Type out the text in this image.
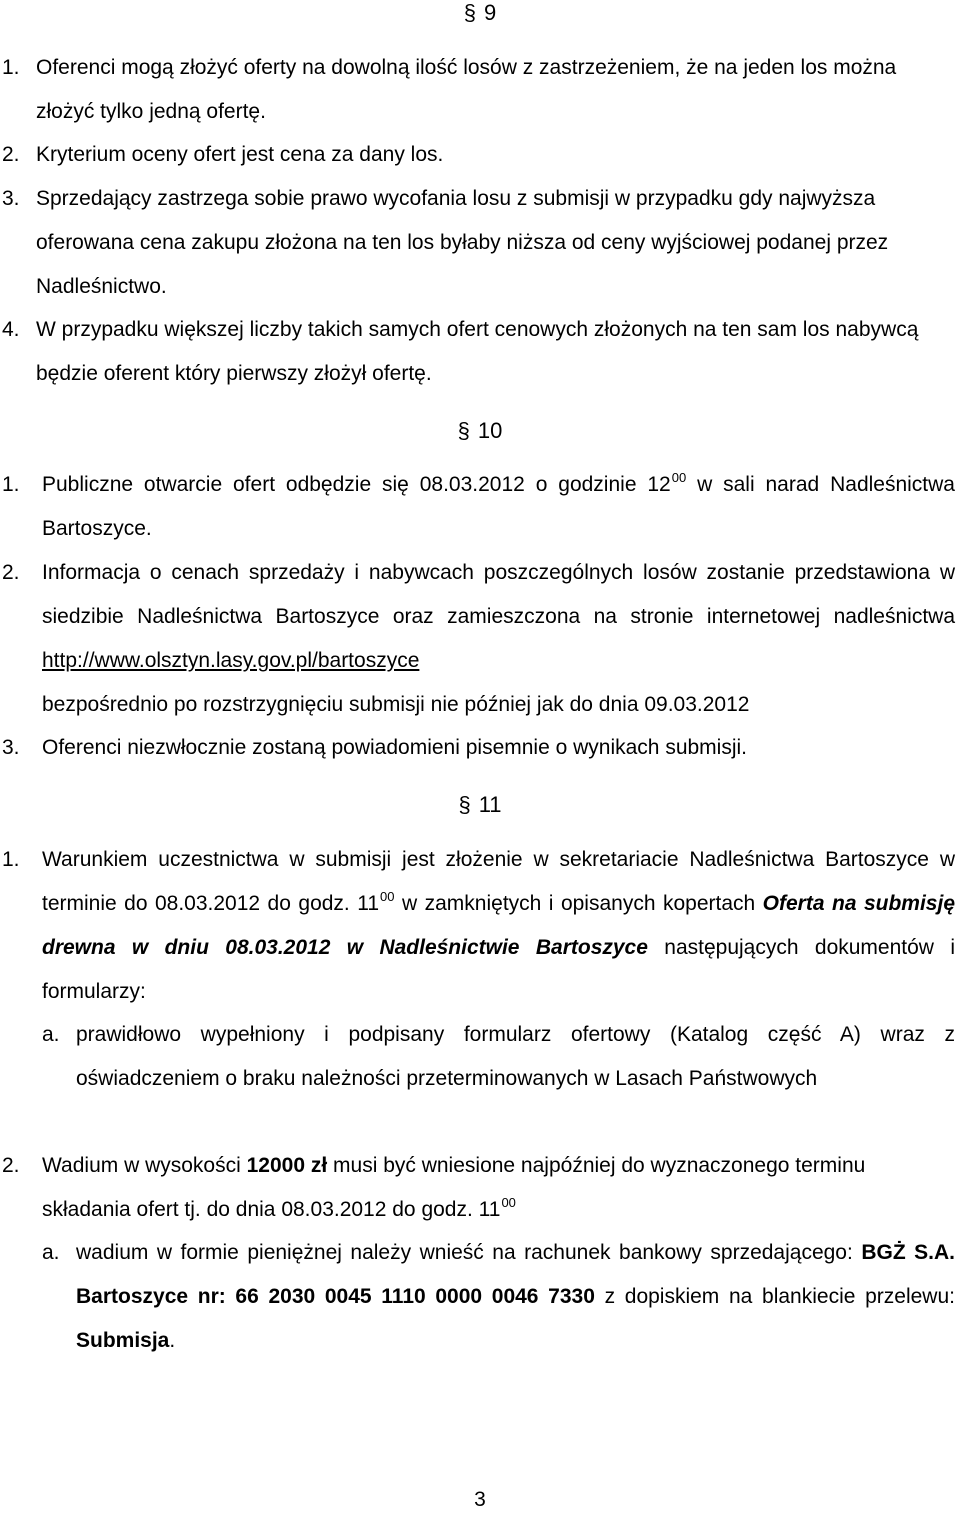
§ 9
1. Oferenci mogą złożyć oferty na dowolną ilość losów z zastrzeżeniem, że na jeden los można złożyć tylko jedną ofertę.
2. Kryterium oceny ofert jest cena za dany los.
3. Sprzedający zastrzega sobie prawo wycofania losu z submisji w przypadku gdy najwyższa oferowana cena zakupu złożona na ten los byłaby niższa od ceny wyjściowej podanej przez Nadleśnictwo.
4. W przypadku większej liczby takich samych ofert cenowych złożonych na ten sam los nabywcą będzie oferent który pierwszy złożył ofertę.
§ 10
1. Publiczne otwarcie ofert odbędzie się 08.03.2012 o godzinie $12^{00}$ w sali narad Nadleśnictwa Bartoszyce.
2. Informacja o cenach sprzedaży i nabywcach poszczególnych losów zostanie przedstawiona w siedzibie Nadleśnictwa Bartoszyce oraz zamieszczona na stronie internetowej nadleśnictwa http://www.olsztyn.lasy.gov.pl/bartoszyce
bezpośrednio po rozstrzygnięciu submisji nie później jak do dnia 09.03.2012
3. Oferenci niezwłocznie zostaną powiadomieni pisemnie o wynikach submisji.
§ 11
1. Warunkiem uczestnictwa w submisji jest złożenie w sekretariacie Nadleśnictwa Bartoszyce w terminie do 08.03.2012 do godz. $11^{00}$ w zamkniętych i opisanych kopertach Oferta na submisję drewna w dniu 08.03.2012 w Nadleśnictwie Bartoszyce następujących dokumentów i formularzy:
a. prawidłowo wypełniony i podpisany formularz ofertowy (Katalog część A) wraz z oświadczeniem o braku należności przeterminowanych w Lasach Państwowych
2. Wadium w wysokości 12000 zł musi być wniesione najpóźniej do wyznaczonego terminu składania ofert tj. do dnia 08.03.2012 do godz. $11^{00}$
a. wadium w formie pieniężnej należy wnieść na rachunek bankowy sprzedającego: BGŻ S.A. Bartoszyce nr: 66 2030 0045 1110 0000 0046 7330 z dopiskiem na blankiecie przelewu: Submisja.
3
